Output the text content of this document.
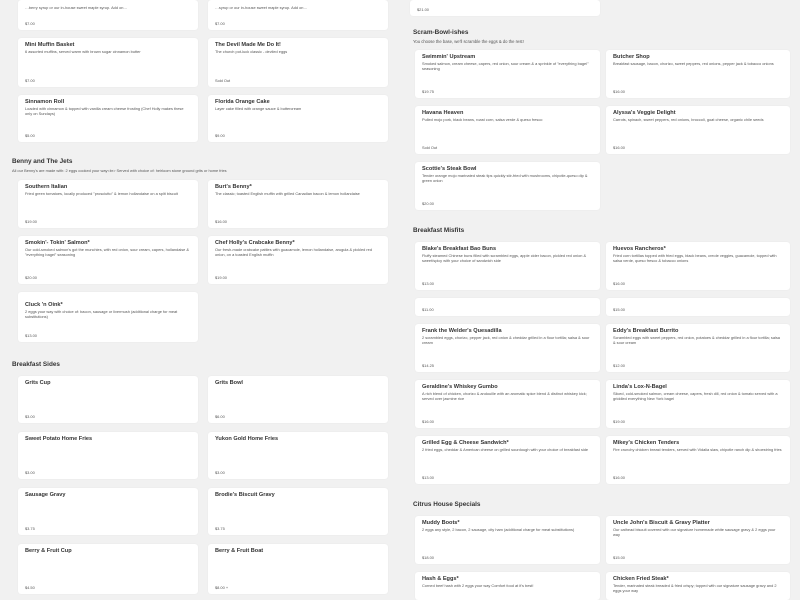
…berry syrup or our in-house sweet maple syrup. Add on…
$7.00
…syrup or our in-house sweet maple syrup. Add on…
$7.00
Mini Muffin Basket
6 assorted muffins, served warm with brown sugar cinnamon butter
$7.00
The Devil Made Me Do It!
The church pot-luck classic - deviled eggs
Sold Out
Sinnamon Roll
Loaded with cinnamon & topped with vanilla cream cheese frosting (Chef Holly makes these only on Sundays)
$5.00
Florida Orange Cake
Layer cake filled with orange sauce & buttercream
$9.00
Benny and The Jets
All our Benny's are made with: 2 eggs cooked your way<br> Served with choice of: heirloom stone ground grits or home fries
Southern Italian
Fried green tomatoes, locally produced "prosciutto" & lemon hollandaise on a split biscuit
$19.00
Burt's Benny*
The classic; toasted English muffin with grilled Canadian bacon & lemon hollandaise
$16.00
Smokin'- Tokin' Salmon*
Our cold-smoked salmon's got the munchies, with red onion, sour cream, capers, hollandaise & "everything bagel" seasoning
$20.00
Chef Holly's Crabcake Benny*
Our fresh-made crabcake patties with guacamole, lemon hollandaise, arugula & pickled red onion, on a toasted English muffin
$19.00
Cluck 'n Oink*
2 eggs your way with choice of: bacon, sausage or livermush (additional charge for meat substitutions)
$13.00
Breakfast Sides
Grits Cup
$3.00
Grits Bowl
$6.00
Sweet Potato Home Fries
$3.00
Yukon Gold Home Fries
$3.00
Sausage Gravy
$3.75
Brodie's Biscuit Gravy
$3.75
Berry & Fruit Cup
$4.50
Berry & Fruit Boat
$8.00 +
$21.00
Scram-Bowl-ishes
You choose the base, we'll scramble the eggs & do the rest!
Swimmin' Upstream
Smoked salmon, cream cheese, capers, red onion, sour cream & a sprinkle of "everything bagel" seasoning
$19.75
Butcher Shop
Breakfast sausage, bacon, chorizo, sweet peppers, red onions, pepper jack & tobacco onions
$16.00
Havana Heaven
Pulled mojo pork, black beans, roast corn, salsa verde & queso fresco
Sold Out
Alyssa's Veggie Delight
Carrots, spinach, sweet peppers, red onions, broccoli, goat cheese, organic chile seeds
$16.00
Scottie's Steak Bowl
Tender orange mojo marinated steak tips quickly stir-fried with mushrooms, chipotle-queso dip & green onion
$20.00
Breakfast Misfits
Blake's Breakfast Bao Buns
Fluffy steamed Chinese buns filled with scrambled eggs, apple cider bacon, pickled red onion & sweet/spicy with your choice of sandwich side
$13.00
Huevos Rancheros*
Fried corn tortillas topped with fried eggs, black beans, creole veggies, guacamole, topped with salsa verde, queso fresco & tobacco onions
$16.00
$11.00	$15.00
Frank the Welder's Quesadilla
2 scrambled eggs, chorizo, pepper jack, red onion & cheddar grilled in a flour tortilla; salsa & sour cream
$14.25
Eddy's Breakfast Burrito
Scrambled eggs with sweet peppers, red onion, potatoes & cheddar grilled in a flour tortilla; salsa & sour cream
$12.00
Geraldine's Whiskey Gumbo
A rich blend of chicken, chorizo & andouille with an aromatic spice blend & distinct whiskey kick; served over jasmine rice
$16.00
Linda's Lox-N-Bagel
Sliced, cold-smoked salmon, cream cheese, capers, fresh dill, red onion & tomato served with a griddled everything New York bagel
$19.00
Grilled Egg & Cheese Sandwich*
2 fried eggs, cheddar & American cheese on grilled sourdough with your choice of breakfast side
$13.00
Mikey's Chicken Tenders
Fire crunchy chicken breast tenders, served with Vidalia slaw, chipotle ranch dip & shoestring fries
$16.00
Citrus House Specials
Muddy Boots*
2 eggs any style, 2 bacon, 2 sausage, city ham (additional charge for meat substitutions)
$18.00
Uncle John's Biscuit & Gravy Platter
Our cathead biscuit covered with our signature homemade white sausage gravy & 2 eggs your way
$15.00
Hash & Eggs*
Corned beef hash with 2 eggs your way Comfort food at it's best!
Chicken Fried Steak*
Tender, marinated steak breaded & fried crispy; topped with our signature sausage gravy and 2 eggs your way
